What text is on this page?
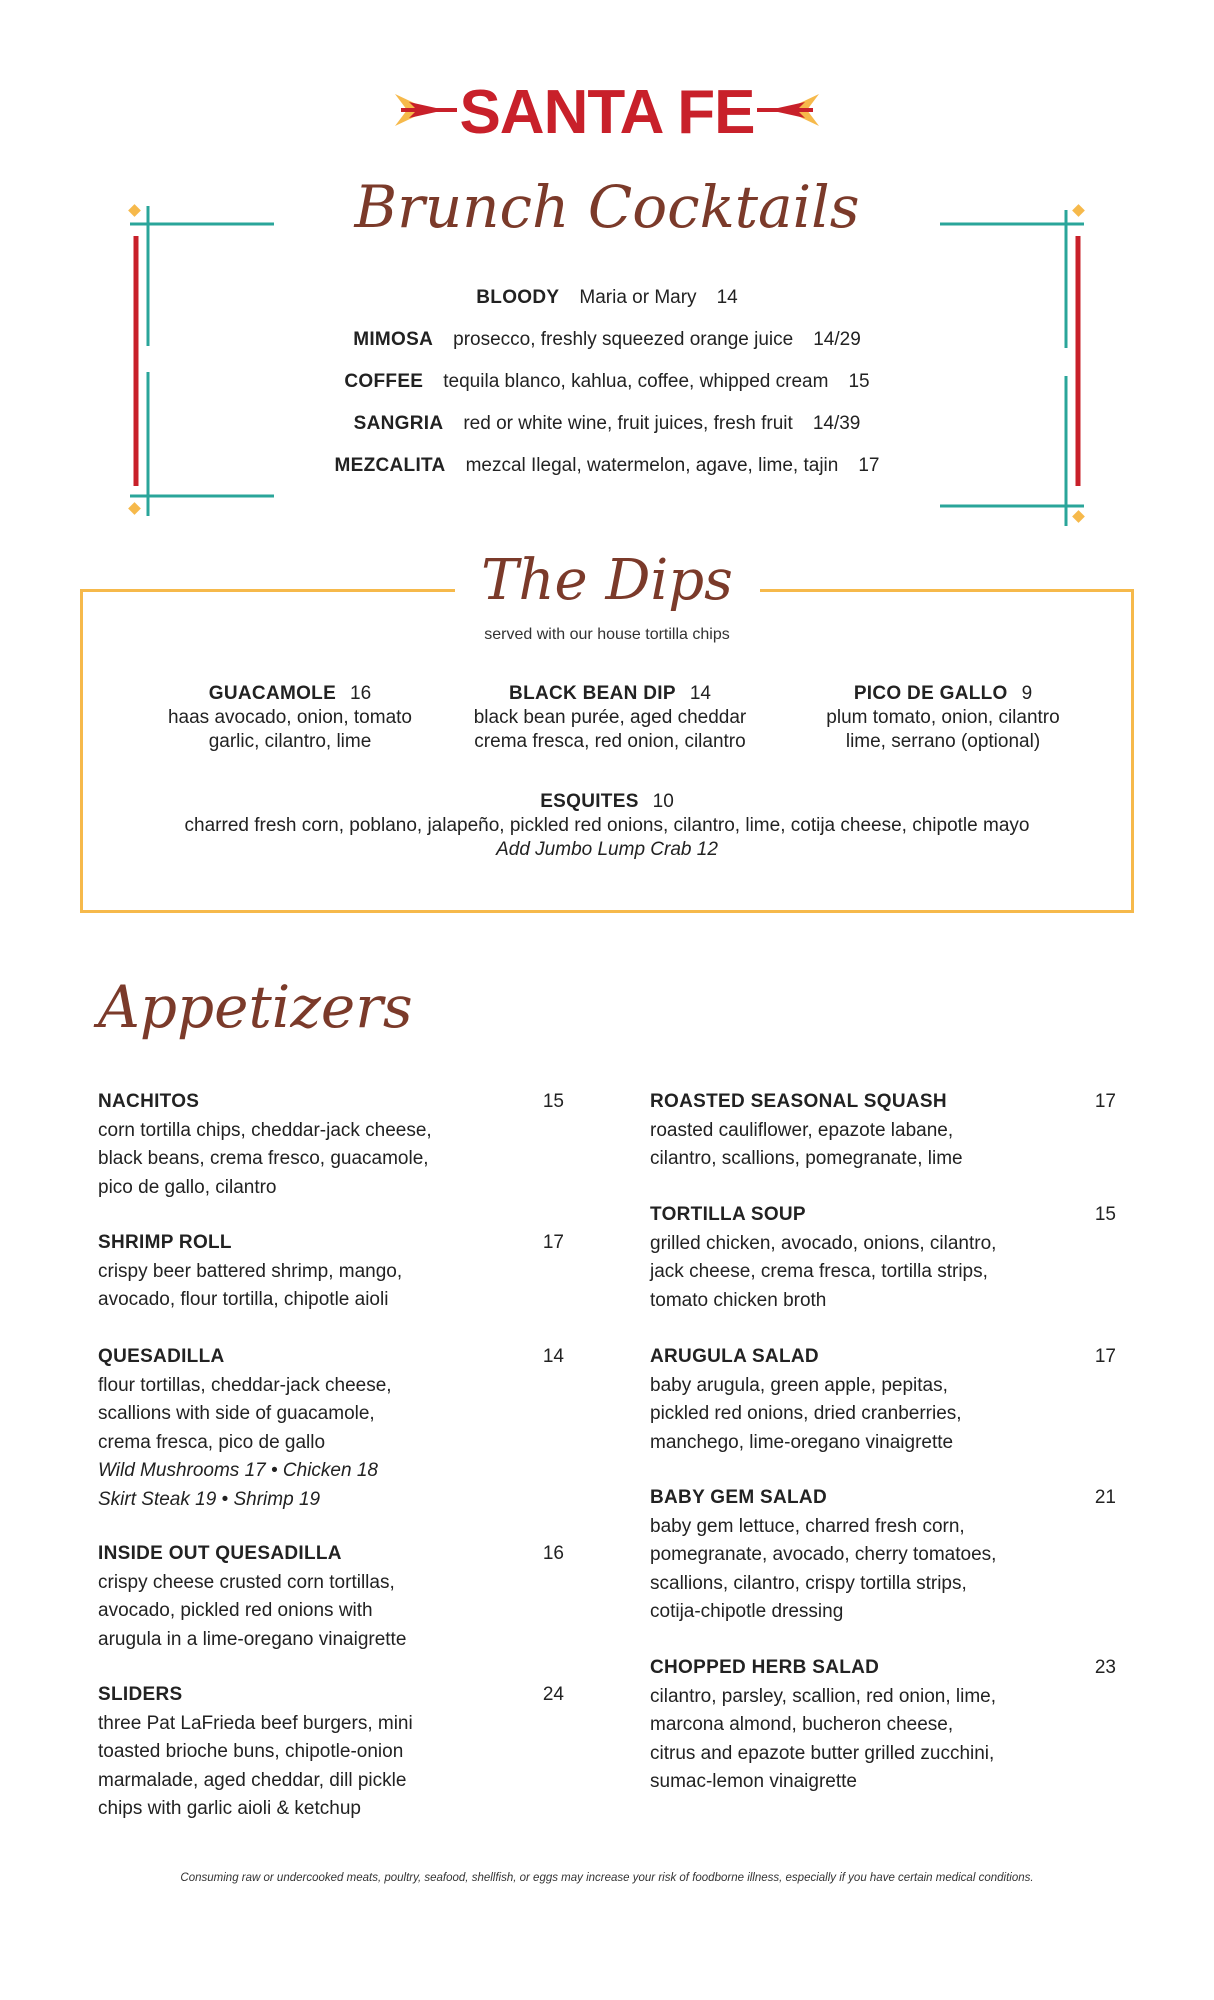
SANTA FE
Brunch Cocktails
BLOODY Maria or Mary 14
MIMOSA prosecco, freshly squeezed orange juice 14/29
COFFEE tequila blanco, kahlua, coffee, whipped cream 15
SANGRIA red or white wine, fruit juices, fresh fruit 14/39
MEZCALITA mezcal Ilegal, watermelon, agave, lime, tajin 17
The Dips
served with our house tortilla chips
GUACAMOLE 16
haas avocado, onion, tomato
garlic, cilantro, lime
BLACK BEAN DIP 14
black bean purée, aged cheddar
crema fresca, red onion, cilantro
PICO DE GALLO 9
plum tomato, onion, cilantro
lime, serrano (optional)
ESQUITES 10
charred fresh corn, poblano, jalapeño, pickled red onions, cilantro, lime, cotija cheese, chipotle mayo
Add Jumbo Lump Crab 12
Appetizers
NACHITOS	15
corn tortilla chips, cheddar-jack cheese,
black beans, crema fresco, guacamole,
pico de gallo, cilantro
SHRIMP ROLL	17
crispy beer battered shrimp, mango,
avocado, flour tortilla, chipotle aioli
QUESADILLA	14
flour tortillas, cheddar-jack cheese,
scallions with side of guacamole,
crema fresca, pico de gallo
Wild Mushrooms 17 • Chicken 18
Skirt Steak 19 • Shrimp 19
INSIDE OUT QUESADILLA	16
crispy cheese crusted corn tortillas,
avocado, pickled red onions with
arugula in a lime-oregano vinaigrette
SLIDERS	24
three Pat LaFrieda beef burgers, mini
toasted brioche buns, chipotle-onion
marmalade, aged cheddar, dill pickle
chips with garlic aioli & ketchup
ROASTED SEASONAL SQUASH	17
roasted cauliflower, epazote labane,
cilantro, scallions, pomegranate, lime
TORTILLA SOUP	15
grilled chicken, avocado, onions, cilantro,
jack cheese, crema fresca, tortilla strips,
tomato chicken broth
ARUGULA SALAD	17
baby arugula, green apple, pepitas,
pickled red onions, dried cranberries,
manchego, lime-oregano vinaigrette
BABY GEM SALAD	21
baby gem lettuce, charred fresh corn,
pomegranate, avocado, cherry tomatoes,
scallions, cilantro, crispy tortilla strips,
cotija-chipotle dressing
CHOPPED HERB SALAD	23
cilantro, parsley, scallion, red onion, lime,
marcona almond, bucheron cheese,
citrus and epazote butter grilled zucchini,
sumac-lemon vinaigrette
Consuming raw or undercooked meats, poultry, seafood, shellfish, or eggs may increase your risk of foodborne illness, especially if you have certain medical conditions.
